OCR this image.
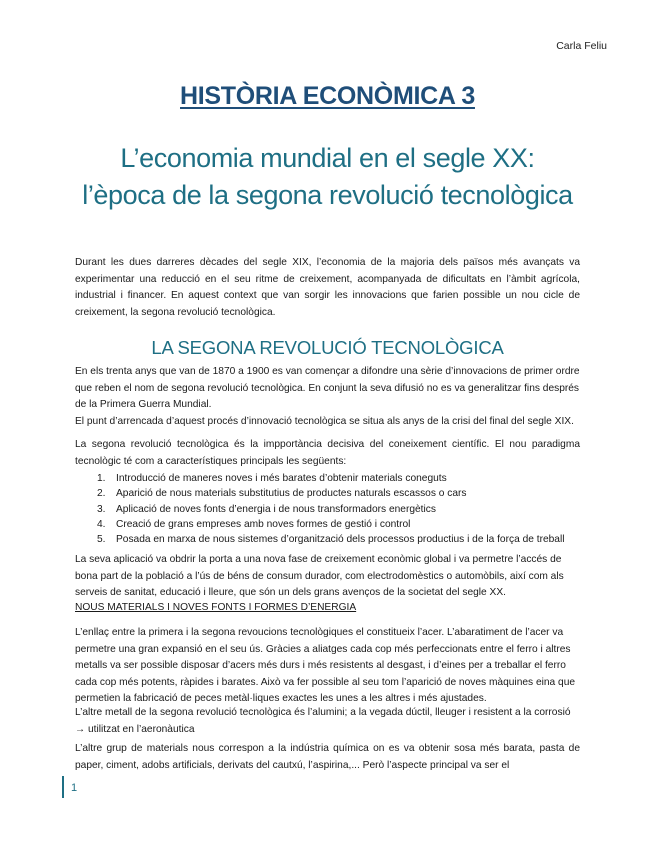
Carla Feliu
HISTÒRIA ECONÒMICA 3
L’economia mundial en el segle XX: l’època de la segona revolució tecnològica
Durant les dues darreres dècades del segle XIX, l’economia de la majoria dels països més avançats va experimentar una reducció en el seu ritme de creixement, acompanyada de dificultats en l’àmbit agrícola, industrial i financer. En aquest context que van sorgir les innovacions que farien possible un nou cicle de creixement, la segona revolució tecnològica.
LA SEGONA REVOLUCIÓ TECNOLÒGICA
En els trenta anys que van de 1870 a 1900 es van començar a difondre una sèrie d’innovacions de primer ordre que reben el nom de segona revolució tecnològica. En conjunt la seva difusió no es va generalitzar fins després de la Primera Guerra Mundial.
El punt d’arrencada d’aquest procés d’innovació tecnològica se situa als anys de la crisi del final del segle XIX.
La segona revolució tecnològica és la impportància decisiva del coneixement científic. El nou paradigma tecnològic té com a característiques principals les següents:
1.	Introducció de maneres noves i més barates d’obtenir materials coneguts
2.	Aparició de nous materials substitutius de productes naturals escassos o cars
3.	Aplicació de noves fonts d’energia i de nous transformadors energètics
4.	Creació de grans empreses amb noves formes de gestió i control
5.	Posada en marxa de nous sistemes d’organització dels processos productius i de la força de treball
La seva aplicació va obdrir la porta a una nova fase de creixement econòmic global i va permetre l’accés de bona part de la població a l’ús de béns de consum durador, com electrodomèstics o automòbils, així com als serveis de sanitat, educació i lleure, que són un dels grans avenços de la societat del segle XX.
NOUS MATERIALS I NOVES FONTS I FORMES D’ENERGIA
L’enllaç entre la primera i la segona revoucions tecnològiques el constitueix l’acer. L’abaratiment de l’acer va permetre una gran expansió en el seu ús. Gràcies a aliatges cada cop més perfeccionats entre el ferro i altres metalls va ser possible disposar d’acers més durs i més resistents al desgast, i d’eines per a treballar el ferro cada cop més potents, ràpides i barates. Això va fer possible al seu tom l’aparició de noves màquines eina que permetien la fabricació de peces metàl·liques exactes les unes a les altres i més ajustades.
L’altre metall de la segona revolució tecnològica és l’alumini; a la vegada dúctil, lleuger i resistent a la corrosió → utilitzat en l’aeronàutica
L’altre grup de materials nous correspon a la indústria química on es va obtenir sosa més barata, pasta de paper, ciment, adobs artificials, derivats del cautxú, l’aspirina,... Però l’aspecte principal va ser el
1
